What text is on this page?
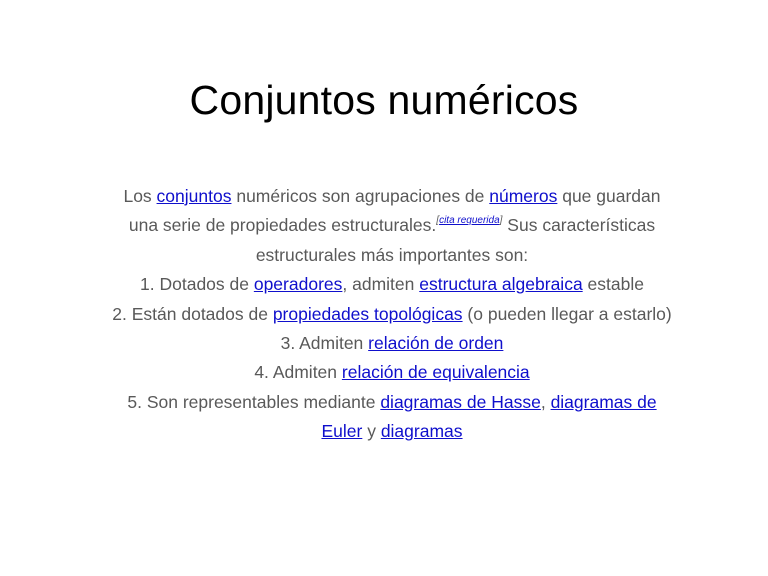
Conjuntos numéricos

Los conjuntos numéricos son agrupaciones de números que guardan una serie de propiedades estructurales.[cita requerida] Sus características estructurales más importantes son:

1. Dotados de operadores, admiten estructura algebraica estable

2. Están dotados de propiedades topológicas (o pueden llegar a estarlo)

3. Admiten relación de orden

4. Admiten relación de equivalencia

5. Son representables mediante diagramas de Hasse, diagramas de Euler y diagramas
